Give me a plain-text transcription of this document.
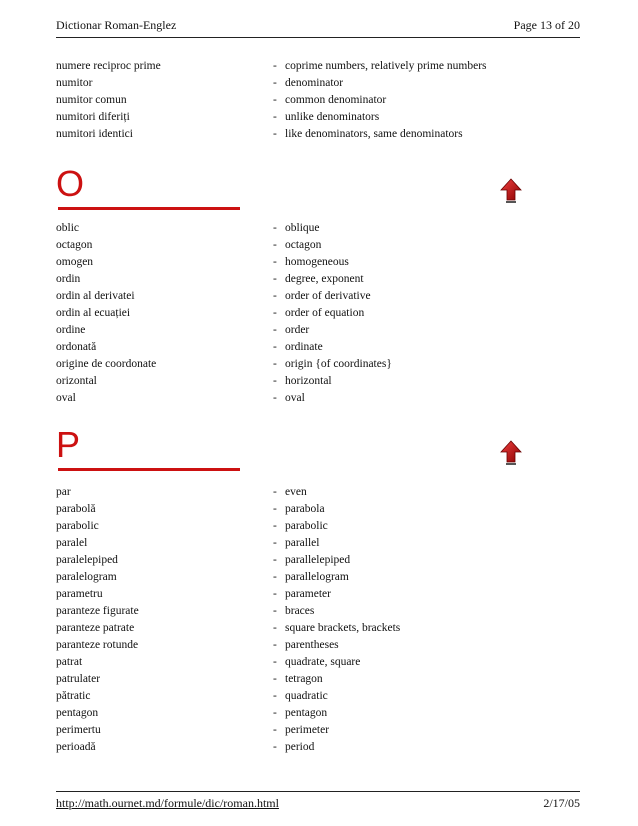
Dictionar Roman-Englez	Page 13 of 20
numere reciproc prime	- coprime numbers, relatively prime numbers
numitor	- denominator
numitor comun	- common denominator
numitori diferiți	- unlike denominators
numitori identici	- like denominators, same denominators
O
oblic	- oblique
octagon	- octagon
omogen	- homogeneous
ordin	- degree, exponent
ordin al derivatei	- order of derivative
ordin al ecuației	- order of equation
ordine	- order
ordonată	- ordinate
origine de coordonate	- origin {of coordinates}
orizontal	- horizontal
oval	- oval
P
par	- even
parabolă	- parabola
parabolic	- parabolic
paralel	- parallel
paralelepiped	- parallelepiped
paralelogram	- parallelogram
parametru	- parameter
paranteze figurate	- braces
paranteze patrate	- square brackets, brackets
paranteze rotunde	- parentheses
patrat	- quadrate, square
patrulater	- tetragon
pătratic	- quadratic
pentagon	- pentagon
perimertu	- perimeter
perioadă	- period
http://math.ournet.md/formule/dic/roman.html	2/17/05
